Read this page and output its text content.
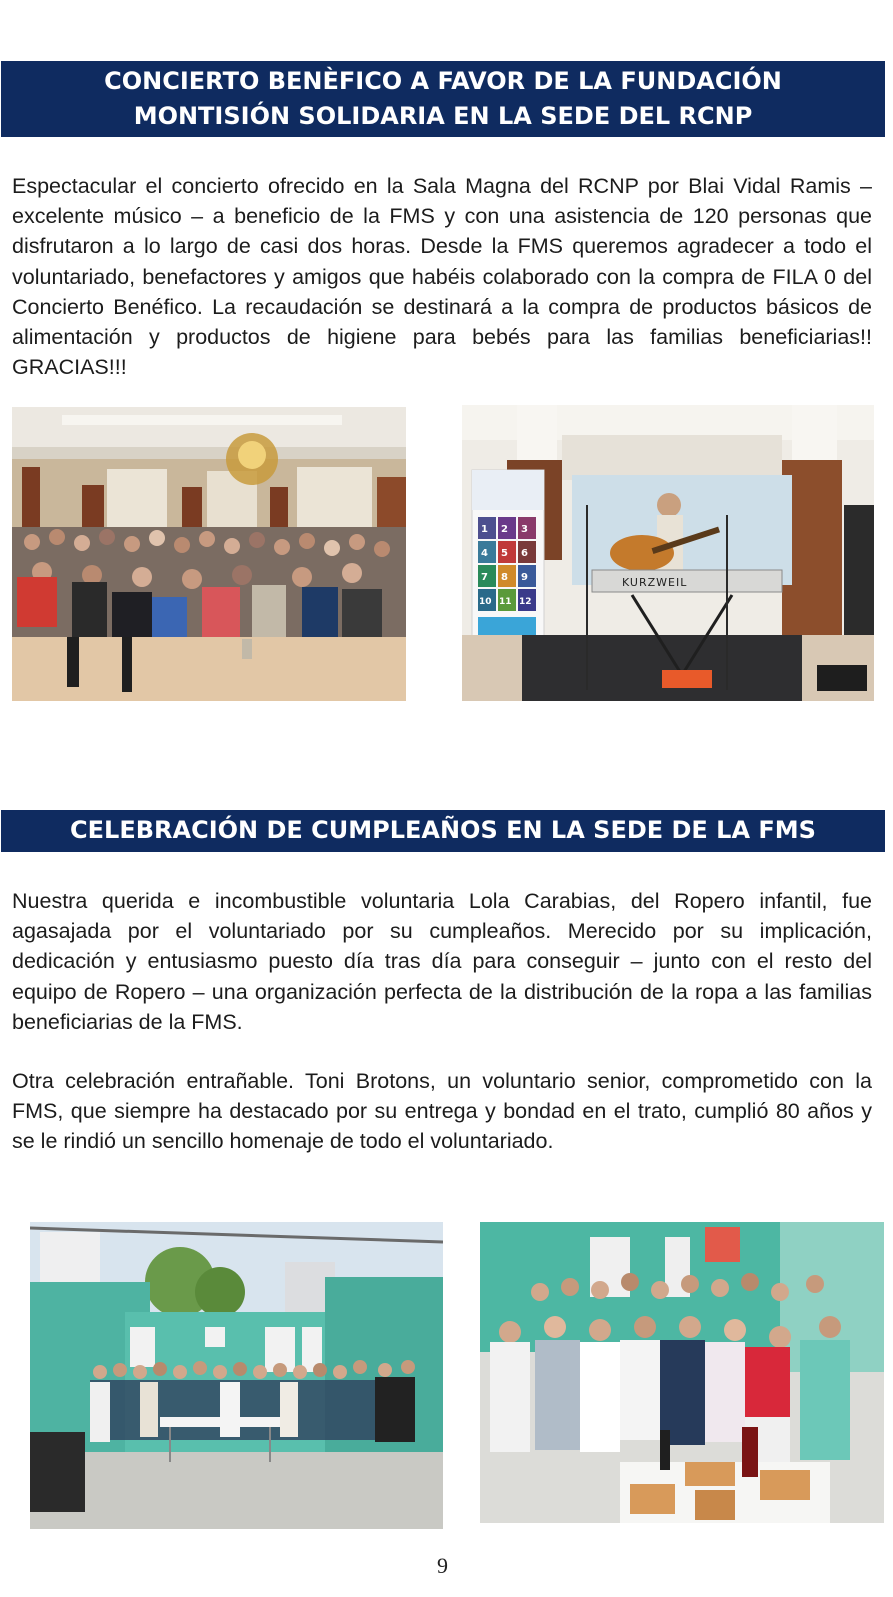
CONCIERTO BENÈFICO A FAVOR DE LA FUNDACIÓN
MONTISIÓN SOLIDARIA EN LA SEDE DEL RCNP

Espectacular el concierto ofrecido en la Sala Magna del RCNP por Blai Vidal Ramis – excelente músico – a beneficio de la FMS y con una asistencia de 120 personas que disfrutaron a lo largo de casi dos horas. Desde la FMS queremos agradecer a todo el voluntariado, benefactores y amigos que habéis colaborado con la compra de FILA 0 del Concierto Benéfico. La recaudación se destinará a la compra de productos básicos de alimentación y productos de higiene para bebés para las familias beneficiarias!! GRACIAS!!!

1 2 3
4 5 6
7 8 9
10 11 12
KURZWEIL
CELEBRACIÓN DE CUMPLEAÑOS EN LA SEDE DE LA FMS

Nuestra querida e incombustible voluntaria Lola Carabias, del Ropero infantil, fue agasajada por el voluntariado por su cumpleaños. Merecido por su implicación, dedicación y entusiasmo puesto día tras día para conseguir – junto con el resto del equipo de Ropero – una organización perfecta de la distribución de la ropa a las familias beneficiarias de la FMS.

Otra celebración entrañable. Toni Brotons, un voluntario senior, comprometido con la FMS, que siempre ha destacado por su entrega y bondad en el trato, cumplió 80 años y se le rindió un sencillo homenaje de todo el voluntariado.

9
